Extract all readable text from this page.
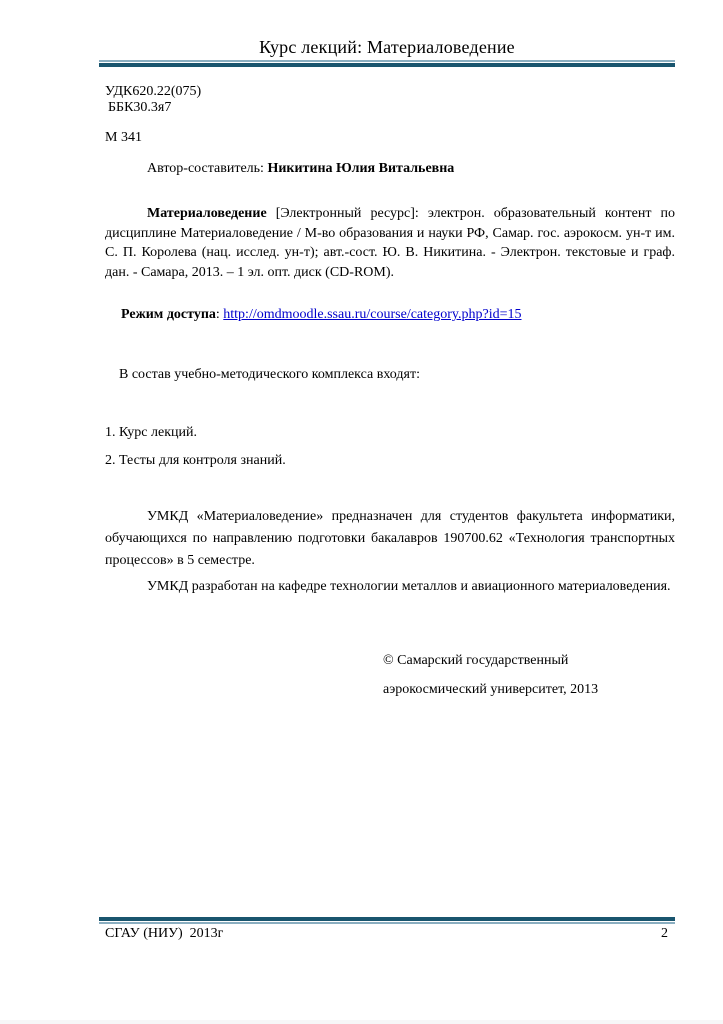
Курс лекций: Материаловедение
УДК620.22(075)
ББК30.3я7
М 341
Автор-составитель: Никитина Юлия Витальевна

Материаловедение [Электронный ресурс]: электрон. образовательный контент по дисциплине Материаловедение / М-во образования и науки РФ, Самар. гос. аэрокосм. ун-т им. С. П. Королева (нац. исслед. ун-т); авт.-сост. Ю. В. Никитина. - Электрон. текстовые и граф. дан. - Самара, 2013. – 1 эл. опт. диск (CD-ROM).

Режим доступа: http://omdmoodle.ssau.ru/course/category.php?id=15
В состав учебно-методического комплекса входят:
1. Курс лекций.
2. Тесты для контроля знаний.

УМКД «Материаловедение» предназначен для студентов факультета информатики, обучающихся по направлению подготовки бакалавров 190700.62 «Технология транспортных процессов» в 5 семестре.

УМКД разработан на кафедре технологии металлов и авиационного материаловедения.

© Самарский государственный
аэрокосмический университет, 2013
СГАУ (НИУ)  2013г	2
